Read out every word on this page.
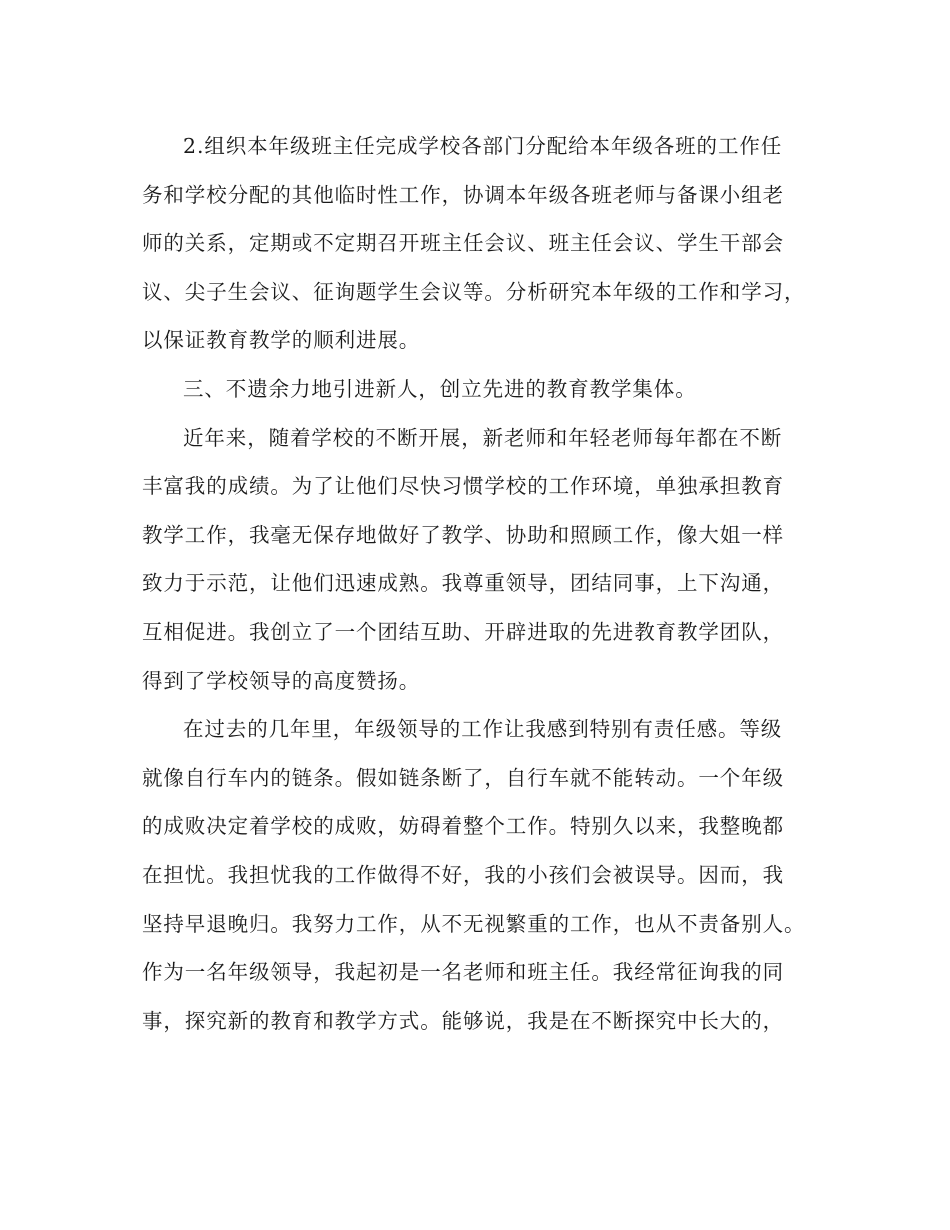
2.组织本年级班主任完成学校各部门分配给本年级各班的工作任
务和学校分配的其他临时性工作，协调本年级各班老师与备课小组老
师的关系，定期或不定期召开班主任会议、班主任会议、学生干部会
议、尖子生会议、征询题学生会议等。分析研究本年级的工作和学习，
以保证教育教学的顺利进展。
三、不遗余力地引进新人，创立先进的教育教学集体。
近年来，随着学校的不断开展，新老师和年轻老师每年都在不断
丰富我的成绩。为了让他们尽快习惯学校的工作环境，单独承担教育
教学工作，我毫无保存地做好了教学、协助和照顾工作，像大姐一样
致力于示范，让他们迅速成熟。我尊重领导，团结同事，上下沟通，
互相促进。我创立了一个团结互助、开辟进取的先进教育教学团队，
得到了学校领导的高度赞扬。
在过去的几年里，年级领导的工作让我感到特别有责任感。等级
就像自行车内的链条。假如链条断了，自行车就不能转动。一个年级
的成败决定着学校的成败，妨碍着整个工作。特别久以来，我整晚都
在担忧。我担忧我的工作做得不好，我的小孩们会被误导。因而，我
坚持早退晚归。我努力工作，从不无视繁重的工作，也从不责备别人。
作为一名年级领导，我起初是一名老师和班主任。我经常征询我的同
事，探究新的教育和教学方式。能够说，我是在不断探究中长大的，
